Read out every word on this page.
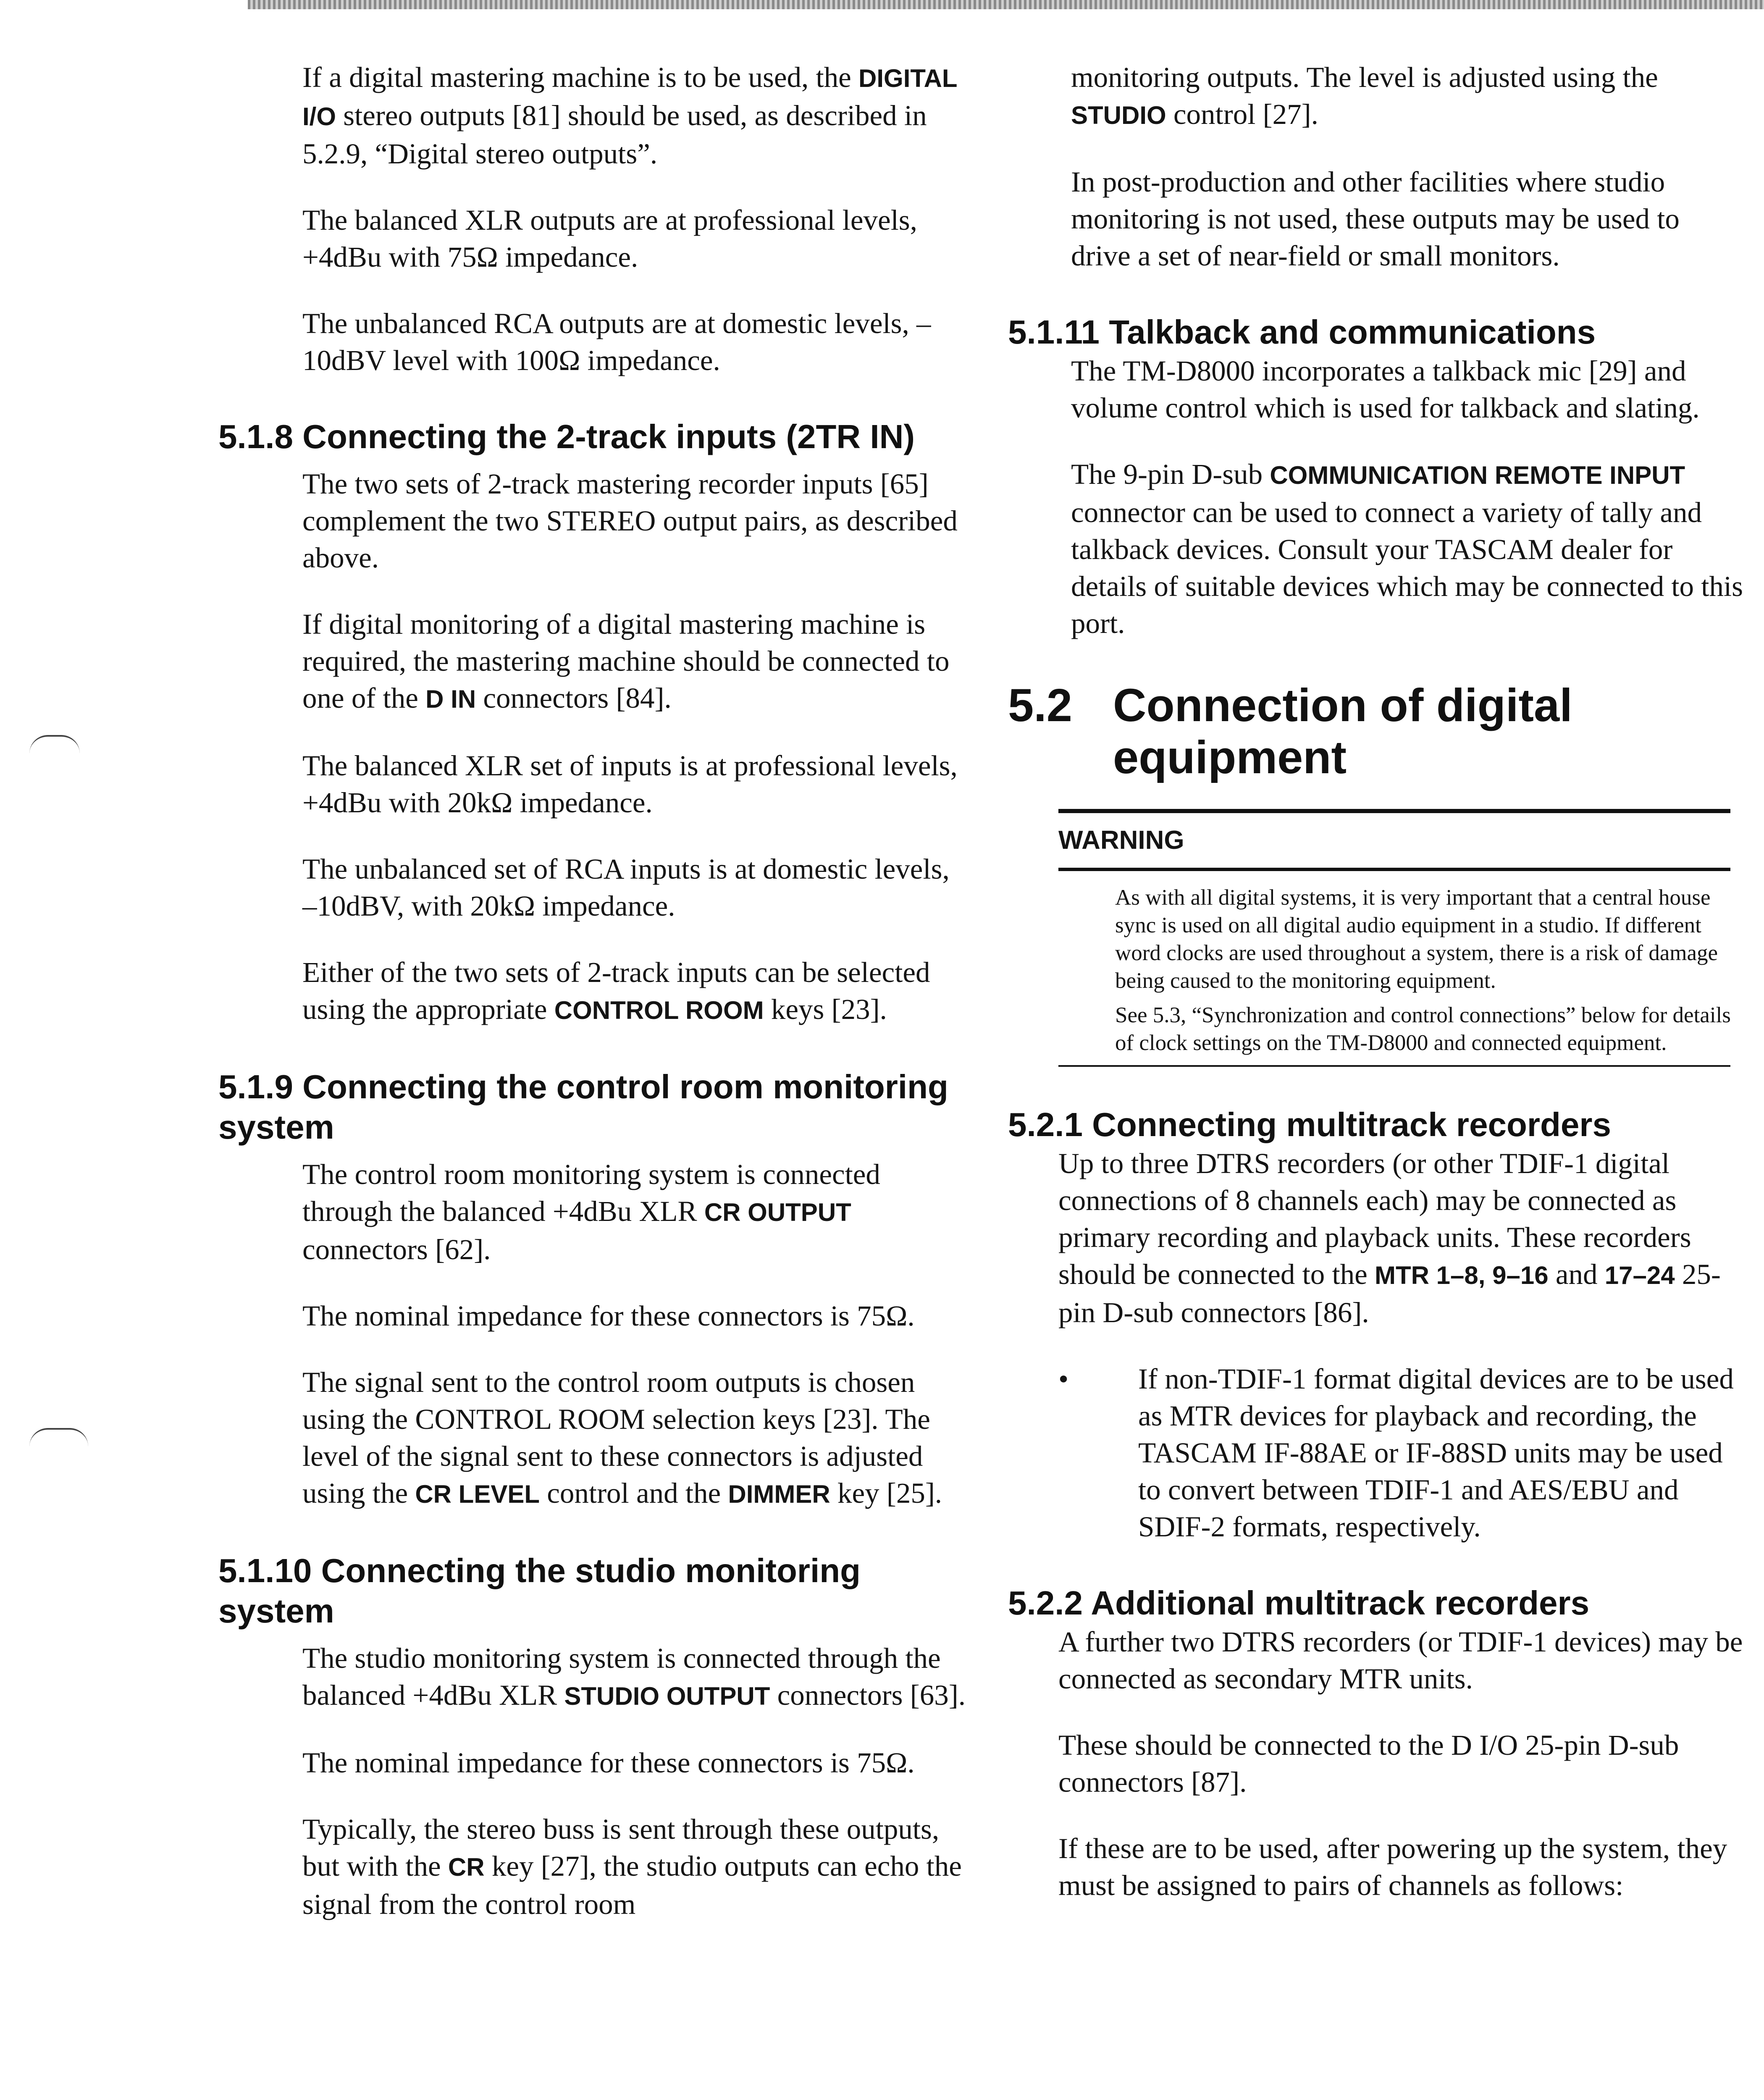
If a digital mastering machine is to be used, the DIGITAL I/O stereo outputs [81] should be used, as described in 5.2.9, “Digital stereo outputs”.

The balanced XLR outputs are at professional levels, +4dBu with 75Ω impedance.

The unbalanced RCA outputs are at domestic levels, –10dBV level with 100Ω impedance.

5.1.8 Connecting the 2-track inputs (2TR IN)

The two sets of 2-track mastering recorder inputs [65] complement the two STEREO output pairs, as described above.

If digital monitoring of a digital mastering machine is required, the mastering machine should be connected to one of the D IN connectors [84].

The balanced XLR set of inputs is at professional levels, +4dBu with 20kΩ impedance.

The unbalanced set of RCA inputs is at domestic levels, –10dBV, with 20kΩ impedance.

Either of the two sets of 2-track inputs can be selected using the appropriate CONTROL ROOM keys [23].

5.1.9 Connecting the control room monitoring system

The control room monitoring system is connected through the balanced +4dBu XLR CR OUTPUT connectors [62].

The nominal impedance for these connectors is 75Ω.

The signal sent to the control room outputs is chosen using the CONTROL ROOM selection keys [23]. The level of the signal sent to these connectors is adjusted using the CR LEVEL control and the DIMMER key [25].

5.1.10 Connecting the studio monitoring system

The studio monitoring system is connected through the balanced +4dBu XLR STUDIO OUTPUT connectors [63].

The nominal impedance for these connectors is 75Ω.

Typically, the stereo buss is sent through these outputs, but with the CR key [27], the studio outputs can echo the signal from the control room

monitoring outputs. The level is adjusted using the STUDIO control [27].

In post-production and other facilities where studio monitoring is not used, these outputs may be used to drive a set of near-field or small monitors.

5.1.11 Talkback and communications

The TM-D8000 incorporates a talkback mic [29] and volume control which is used for talkback and slating.

The 9-pin D-sub COMMUNICATION REMOTE INPUT connector can be used to connect a variety of tally and talkback devices. Consult your TASCAM dealer for details of suitable devices which may be connected to this port.

5.2 Connection of digital equipment
WARNING

As with all digital systems, it is very important that a central house sync is used on all digital audio equipment in a studio. If different word clocks are used throughout a system, there is a risk of damage being caused to the monitoring equipment.

See 5.3, “Synchronization and control connections” below for details of clock settings on the TM-D8000 and connected equipment.

5.2.1 Connecting multitrack recorders

Up to three DTRS recorders (or other TDIF-1 digital connections of 8 channels each) may be connected as primary recording and playback units. These recorders should be connected to the MTR 1–8, 9–16 and 17–24 25-pin D-sub connectors [86].

• If non-TDIF-1 format digital devices are to be used as MTR devices for playback and recording, the TASCAM IF-88AE or IF-88SD units may be used to convert between TDIF-1 and AES/EBU and SDIF-2 formats, respectively.

5.2.2 Additional multitrack recorders

A further two DTRS recorders (or TDIF-1 devices) may be connected as secondary MTR units.

These should be connected to the D I/O 25-pin D-sub connectors [87].

If these are to be used, after powering up the system, they must be assigned to pairs of channels as follows:
